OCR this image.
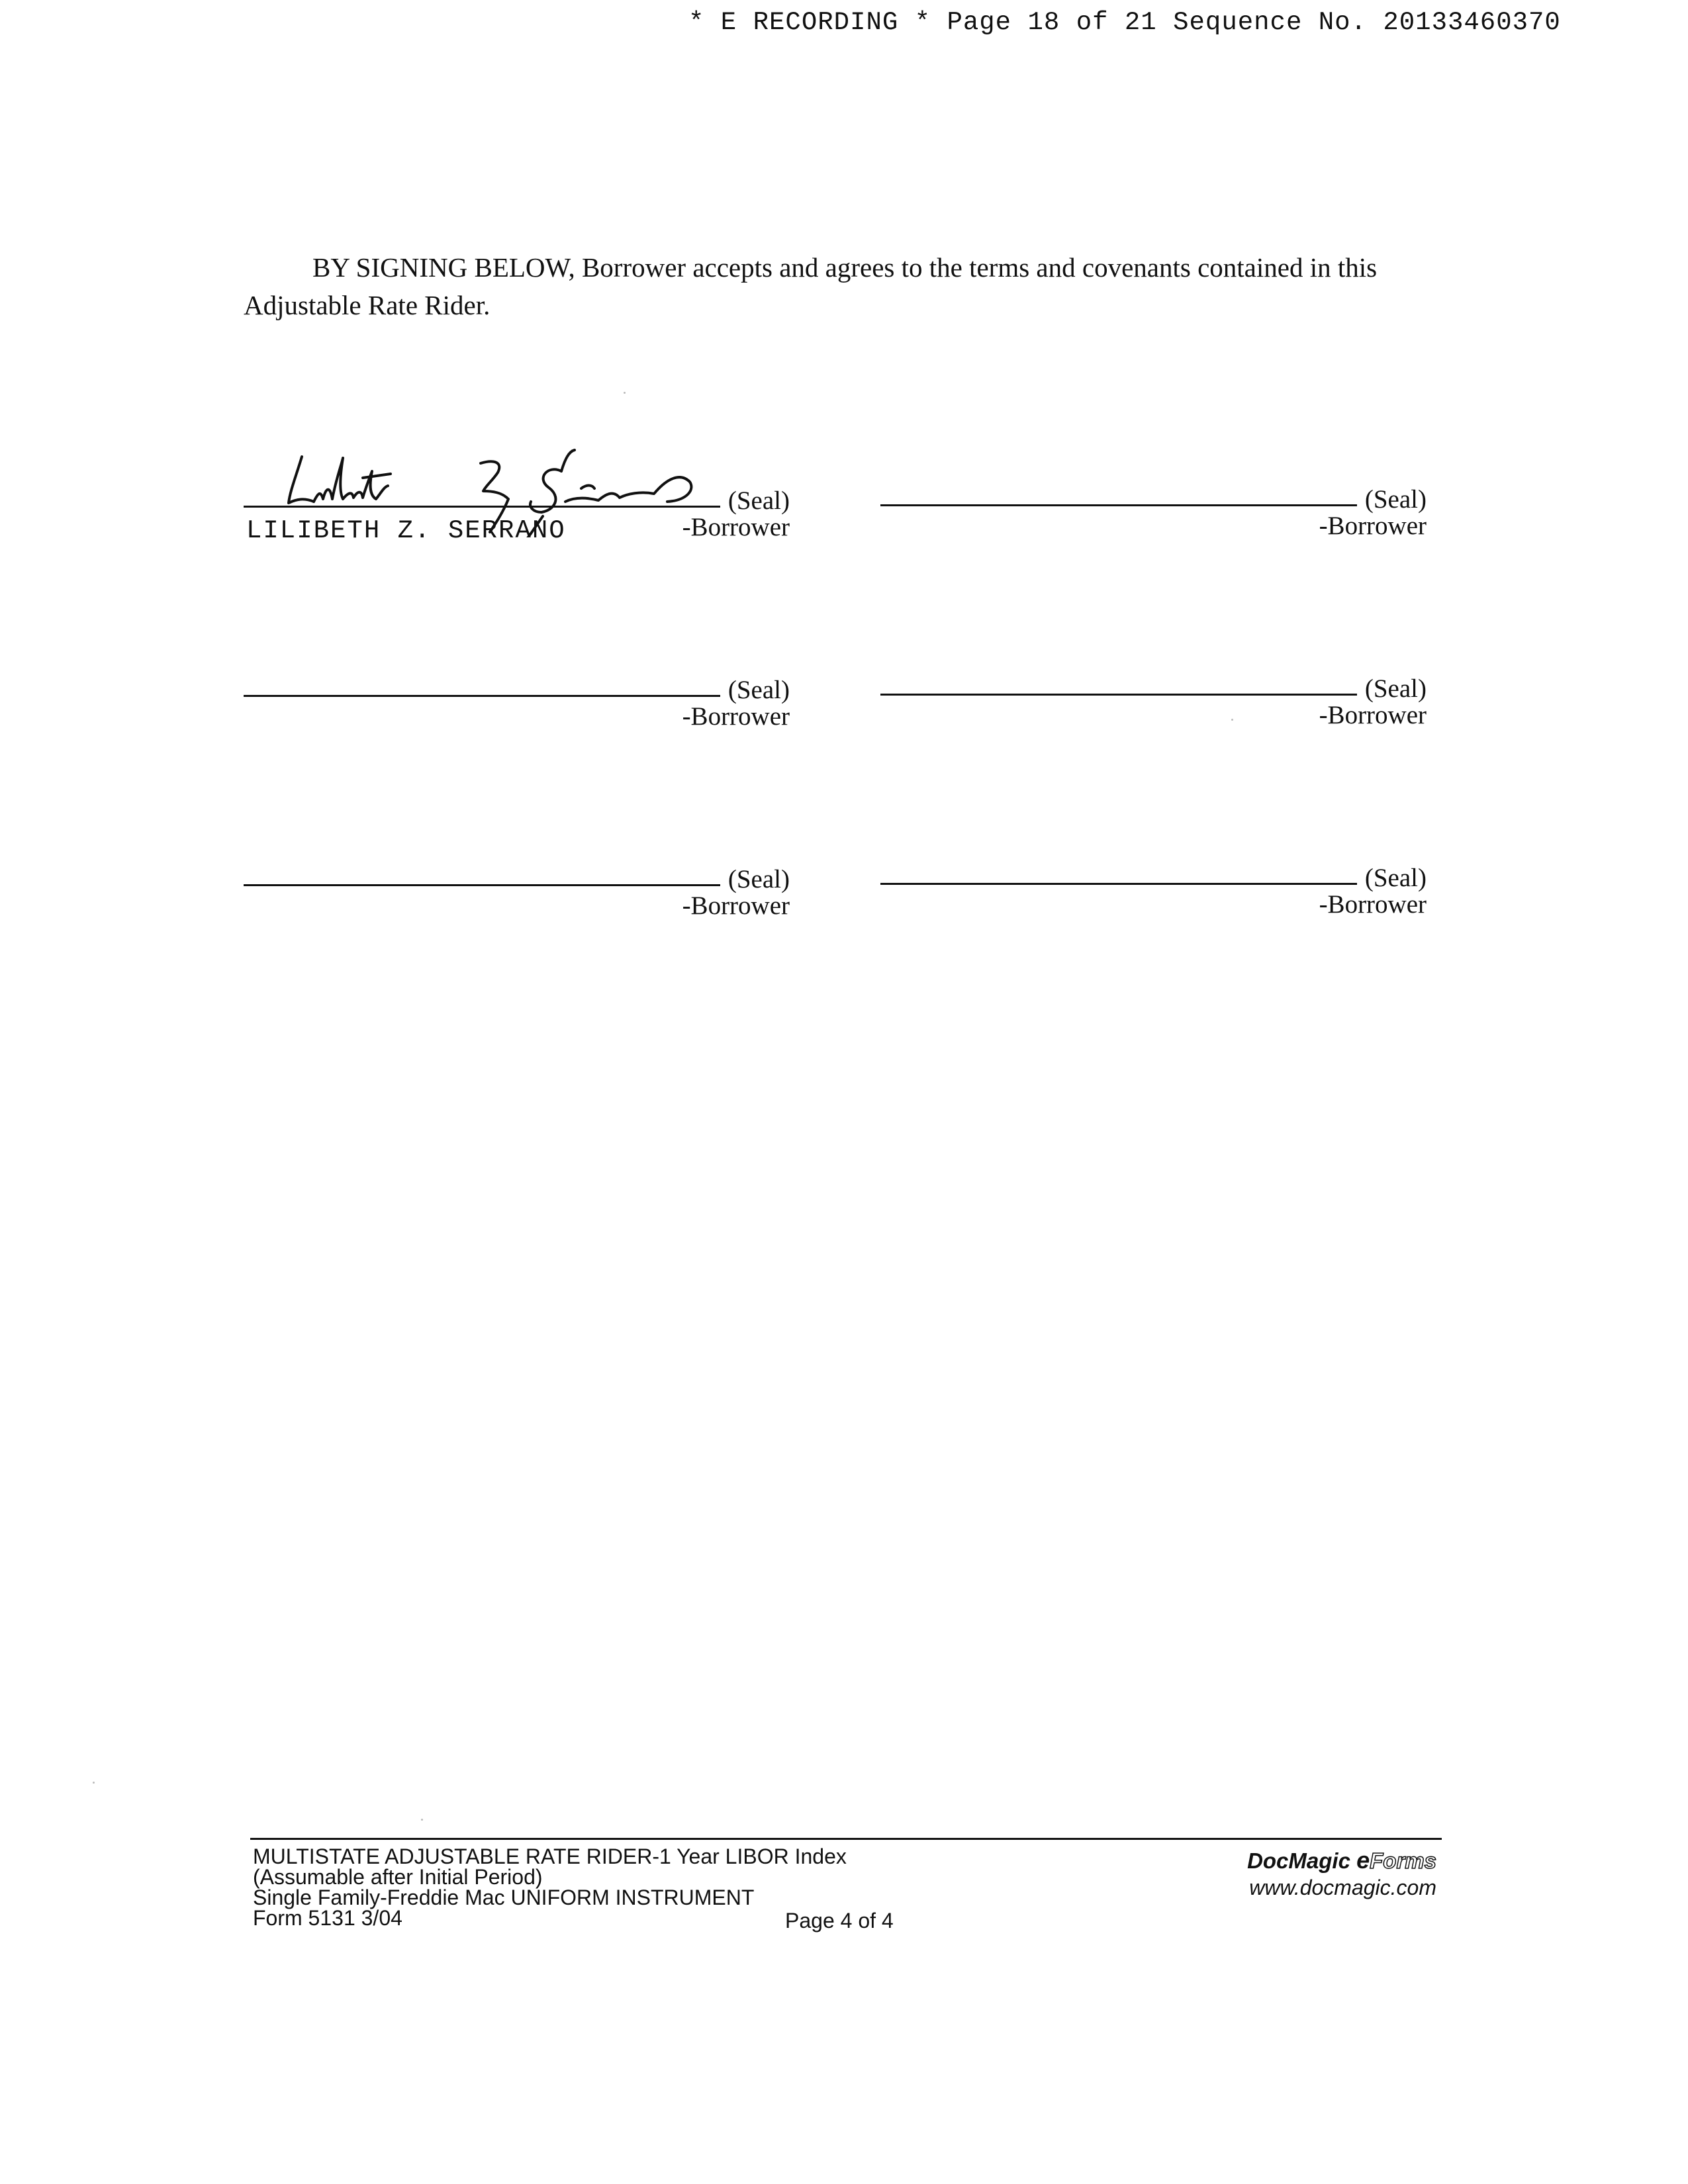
* E RECORDING * Page 18 of 21 Sequence No. 20133460370
BY SIGNING BELOW, Borrower accepts and agrees to the terms and covenants contained in this
Adjustable Rate Rider.
(Seal)
LILIBETH Z. SERRANO	-Borrower
(Seal)
-Borrower
(Seal)
-Borrower
(Seal)
-Borrower
(Seal)
-Borrower
(Seal)
-Borrower
MULTISTATE ADJUSTABLE RATE RIDER-1 Year LIBOR Index
(Assumable after Initial Period)
Single Family-Freddie Mac UNIFORM INSTRUMENT
Form 5131 3/04	Page 4 of 4
DocMagic eForms
www.docmagic.com
